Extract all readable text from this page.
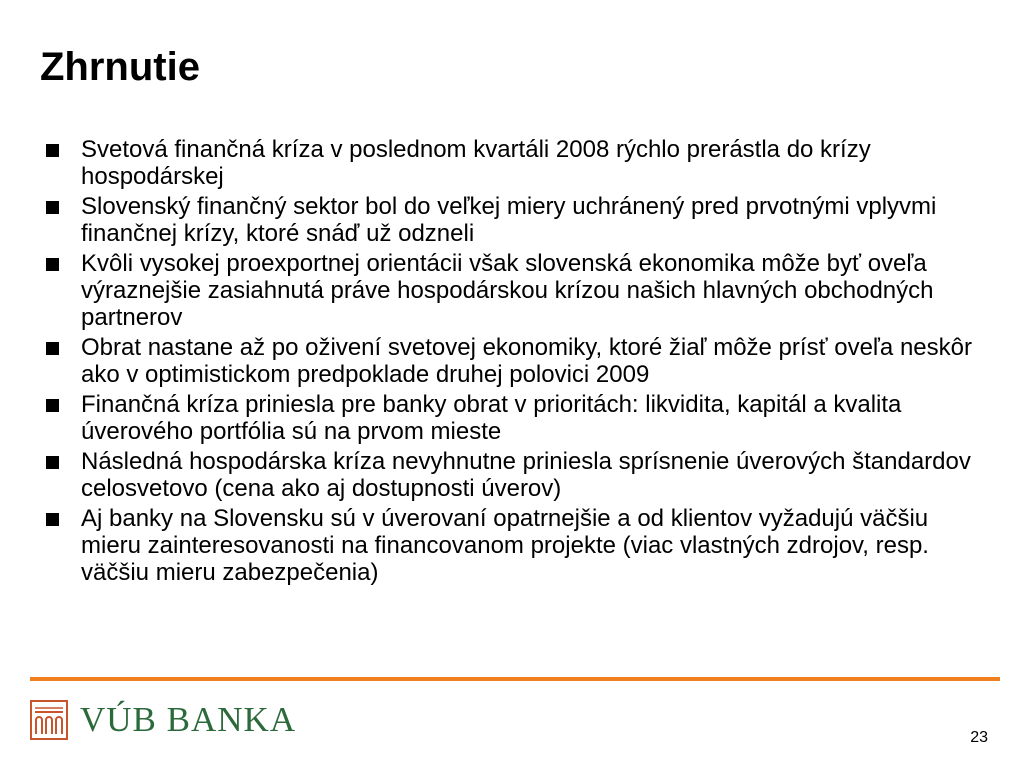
Zhrnutie
Svetová finančná kríza v poslednom kvartáli 2008 rýchlo prerástla do krízy hospodárskej
Slovenský finančný sektor bol do veľkej miery uchránený pred prvotnými vplyvmi finančnej krízy, ktoré snáď už odzneli
Kvôli vysokej proexportnej orientácii však slovenská ekonomika môže byť oveľa výraznejšie zasiahnutá práve hospodárskou krízou našich hlavných obchodných partnerov
Obrat nastane až po oživení svetovej ekonomiky, ktoré žiaľ môže prísť oveľa neskôr ako v optimistickom predpoklade druhej polovici 2009
Finančná kríza priniesla pre banky obrat v prioritách: likvidita, kapitál a kvalita úverového portfólia sú na prvom mieste
Následná hospodárska kríza nevyhnutne priniesla sprísnenie úverových štandardov celosvetovo (cena ako aj dostupnosti úverov)
Aj banky na Slovensku sú v úverovaní opatrnejšie a od klientov vyžadujú väčšiu mieru zainteresovanosti na financovanom projekte (viac vlastných zdrojov, resp. väčšiu mieru zabezpečenia)
VÚB BANKA	23
